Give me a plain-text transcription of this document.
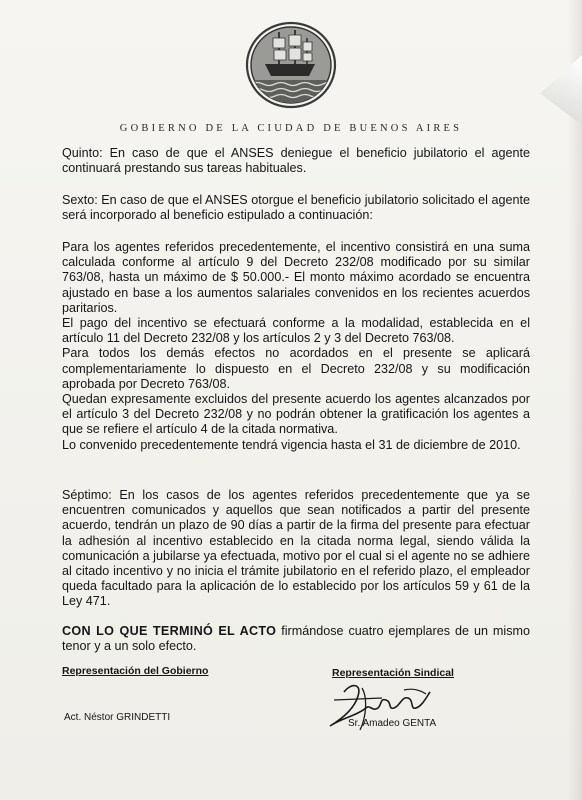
GOBIERNO DE LA CIUDAD DE BUENOS AIRES

Quinto: En caso de que el ANSES deniegue el beneficio jubilatorio el agente continuará prestando sus tareas habituales.

Sexto: En caso de que el ANSES otorgue el beneficio jubilatorio solicitado el agente será incorporado al beneficio estipulado a continuación:

Para los agentes referidos precedentemente, el incentivo consistirá en una suma calculada conforme al artículo 9 del Decreto 232/08 modificado por su similar 763/08, hasta un máximo de $ 50.000.- El monto máximo acordado se encuentra ajustado en base a los aumentos salariales convenidos en los recientes acuerdos paritarios.

El pago del incentivo se efectuará conforme a la modalidad, establecida en el artículo 11 del Decreto 232/08 y los artículos 2 y 3 del Decreto 763/08.

Para todos los demás efectos no acordados en el presente se aplicará complementariamente lo dispuesto en el Decreto 232/08 y su modificación aprobada por Decreto 763/08.

Quedan expresamente excluidos del presente acuerdo los agentes alcanzados por el artículo 3 del Decreto 232/08 y no podrán obtener la gratificación los agentes a que se refiere el artículo 4 de la citada normativa.

Lo convenido precedentemente tendrá vigencia hasta el 31 de diciembre de 2010.

Séptimo: En los casos de los agentes referidos precedentemente que ya se encuentren comunicados y aquellos que sean notificados a partir del presente acuerdo, tendrán un plazo de 90 días a partir de la firma del presente para efectuar la adhesión al incentivo establecido en la citada norma legal, siendo válida la comunicación a jubilarse ya efectuada, motivo por el cual si el agente no se adhiere al citado incentivo y no inicia el trámite jubilatorio en el referido plazo, el empleador queda facultado para la aplicación de lo establecido por los artículos 59 y 61 de la Ley 471.

CON LO QUE TERMINÓ EL ACTO firmándose cuatro ejemplares de un mismo tenor y a un solo efecto.

Representación del Gobierno	Representación Sindical
Act. Néstor GRINDETTI
Sr. Amadeo GENTA
